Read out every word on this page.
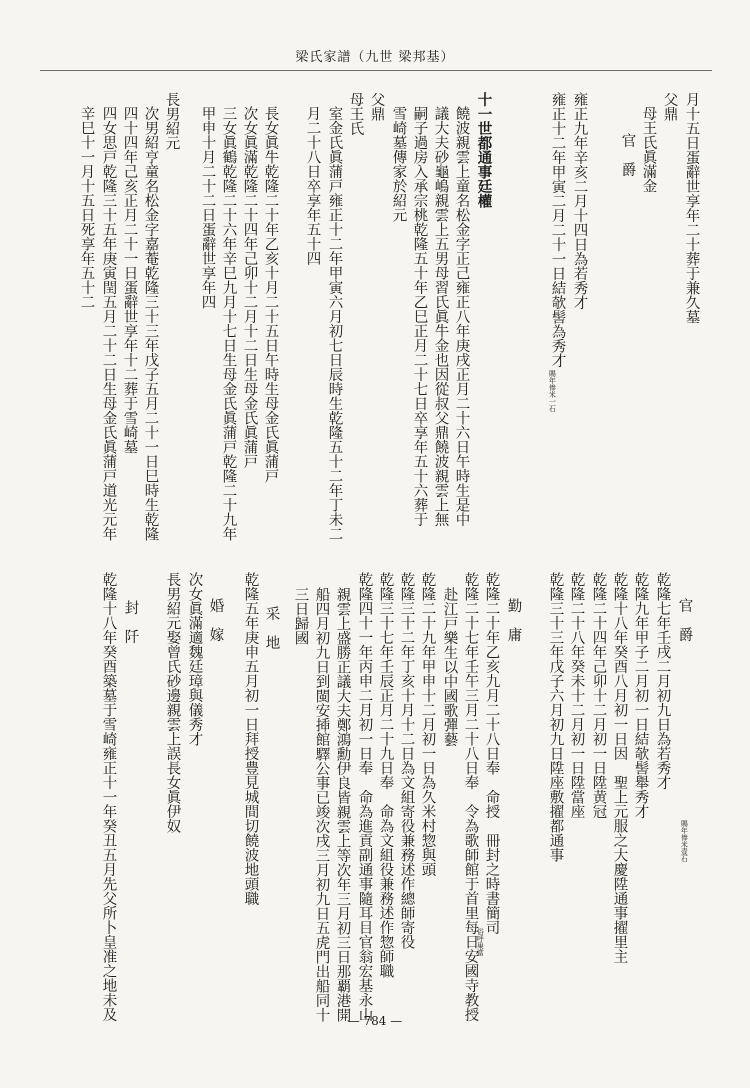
梁氏家譜（九世 梁邦基）
月十五日蛋辭世享年二十葬于兼久墓
父鼎
母王氏眞滿金
官　爵
雍正九年辛亥二月十四日為若秀才
雍正十二年甲寅二月二十一日結欹髻為秀才
十一世都通事廷權
饒波親雲上童名松金字正己雍正八年庚戌正月二十六日午時生是中
議大夫砂龜嶋親雲上五男母習氏眞牛金也因從叔父鼎饒波親雲上無
嗣子過房入承宗桃乾隆五十年乙巳正月二十七日卒享年五十六葬于
雪崎墓傳家於紹元
父鼎
母王氏
室金氏眞蒲戸雍正十二年甲寅六月初七日辰時生乾隆五十二年丁未二
月二十八日卒享年五十四
長女眞牛乾隆二十年乙亥十月二十五日午時生母金氏眞蒲戸
次女眞滿乾隆二十四年己卯十二月十二日生母金氏眞蒲戸
三女眞鶴乾隆二十六年辛巳九月十七日生母金氏眞蒲戸乾隆二十九年
甲申十月二十二日蛋辭世享年四
長男紹元
次男紹亨童名松金字嘉菴乾隆三十三年戊子五月二十一日巳時生乾隆
四十四年己亥正月二十一日蛋辭世享年十二葬于雪崎墓
四女思戸乾隆三十五年庚寅閏五月二十二日生母金氏眞蒲戸道光元年
辛巳十一月十五日死享年五十二
賜年俸米一石
官　爵
乾隆七年壬戌二月初九日為若秀才
乾隆九年甲子二月初一日結欹髻舉秀才
乾隆十八年癸酉八月初一日因　聖上元服之大慶陞通事擢里主
乾隆二十四年己卯十二月初一日陞黄冠
乾隆二十八年癸未十二月初一日陞當座
乾隆三十三年戊子六月初九日陞座敷擢都通事
勤　庸
乾隆二十年乙亥九月二十八日奉　命授　冊封之時書簡司
乾隆二十七年壬午三月二十八日奉　令為歌師館于首里每日安國寺教授
赴江戸樂生以中國歌彈藝
乾隆二十九年甲申十二月初一日為久米村惣與頭
乾隆三十二年丁亥十月十二日為文組寄役兼務述作總師寄役
乾隆三十七年壬辰正月二十九日奉　命為文組役兼務述作惣師職
乾隆四十一年丙申二月初一日奉　命為進貢副通事隨耳目官翁宏基永山
親雲上盛勝正議大夫鄭鴻勳伊良皆親雲上等次年三月初三日那覇港開
船四月初九日到閩安揷館驛公事已竣次戌三月初九日五虎門出船同十
三日歸國
采　地
乾隆五年庚申五月初一日拜授豊見城間切饒波地頭職
婚　嫁
次女眞滿適魏廷璋與儀秀才
長男紹元娶曾氏砂邊親雲上誤長女眞伊奴
封　阡
乾隆十八年癸酉築墓于雪崎雍正十一年癸丑五月先父所卜皇准之地未及	賜年俸米壹石
俗呼巢當
— 784 —
